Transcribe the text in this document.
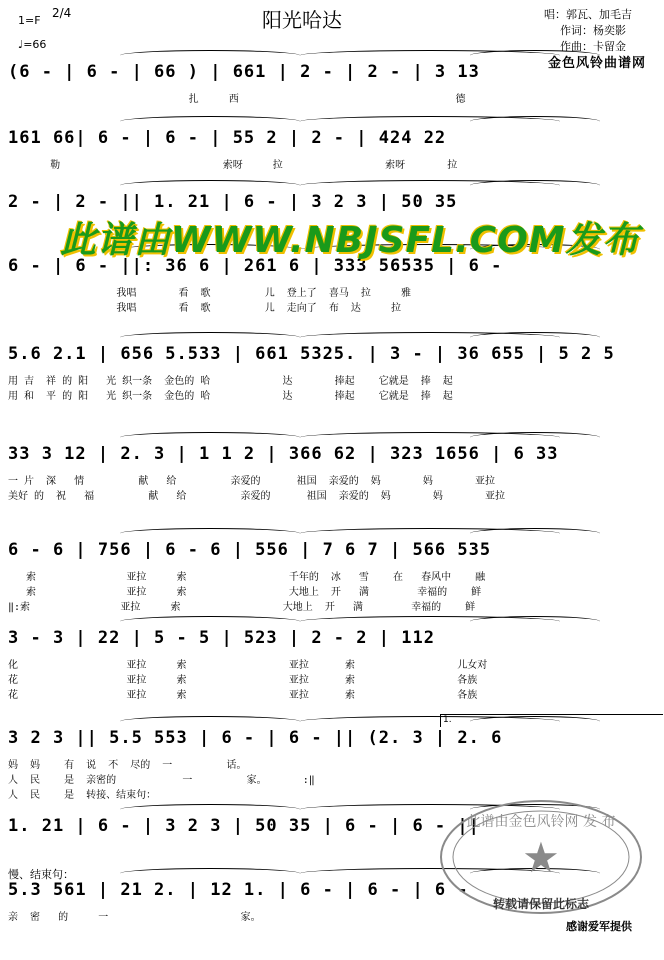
阳光哈达
1=F
2/4
♩=66
唱：郭瓦、加毛吉
作词：杨奕影
作曲：卡留金
金色风铃曲谱网
(6 - | 6 - | 66 ) | 661 | 2 - | 2 - | 3 13
扎     西                                    德
161 66| 6 - | 6 - | 55 2 | 2 - | 424 22
勒                           索呀     拉                 索呀       拉
2 - | 2 - || 1. 21 | 6 - | 3 2 3 | 50 35
6 - | 6 - ||: 36 6 | 261 6 | 333 56535 | 6 -
我唱       看  歌         儿  登上了  喜马  拉     雅
我唱       看  歌         儿  走向了  布  达     拉
5.6 2.1 | 656 5.533 | 661 5325. | 3 - | 36 655 | 5 2 5
用 吉  祥 的 阳   光 织一条  金色的 哈            达       捧起    它就是  捧  起
用 和  平 的 阳   光 织一条  金色的 哈            达       捧起    它就是  捧  起
33 3 12 | 2. 3 | 1 1 2 | 366 62 | 323 1656 | 6 33
一 片  深   情         献   给         亲爱的      祖国  亲爱的  妈       妈       亚拉
美好 的  祝   福         献   给         亲爱的      祖国  亲爱的  妈       妈       亚拉
6 - 6 | 756 | 6 - 6 | 556 | 7 6 7 | 566 535
索               亚拉     索                 千年的  冰   雪    在   春风中    融
索               亚拉     索                 大地上  开   满        幸福的    鲜
‖:索               亚拉     索                 大地上  开   满        幸福的    鲜
3 - 3 | 22 | 5 - 5 | 523 | 2 - 2 | 112
化                  亚拉     索                 亚拉      索                 儿女对
花                  亚拉     索                 亚拉      索                 各族
花                  亚拉     索                 亚拉      索                 各族
3 2 3 || 5.5 553 | 6 - | 6 - || (2. 3 | 2. 6
妈  妈    有  说  不  尽的  一         话。
人  民    是  亲密的           一         家。      :‖
人  民    是  转接、结束句：
1. 21 | 6 - | 3 2 3 | 50 35 | 6 - | 6 - ||
5.3 561 | 21 2. | 12 1. | 6 - | 6 - | 6 -
慢、结束句：
亲  密   的     一                      家。
此谱由WWW.NBJSFL.COM发布
1.
此谱由金色风铃网 发 布
★
转载请保留此标志
感谢爱军提供
